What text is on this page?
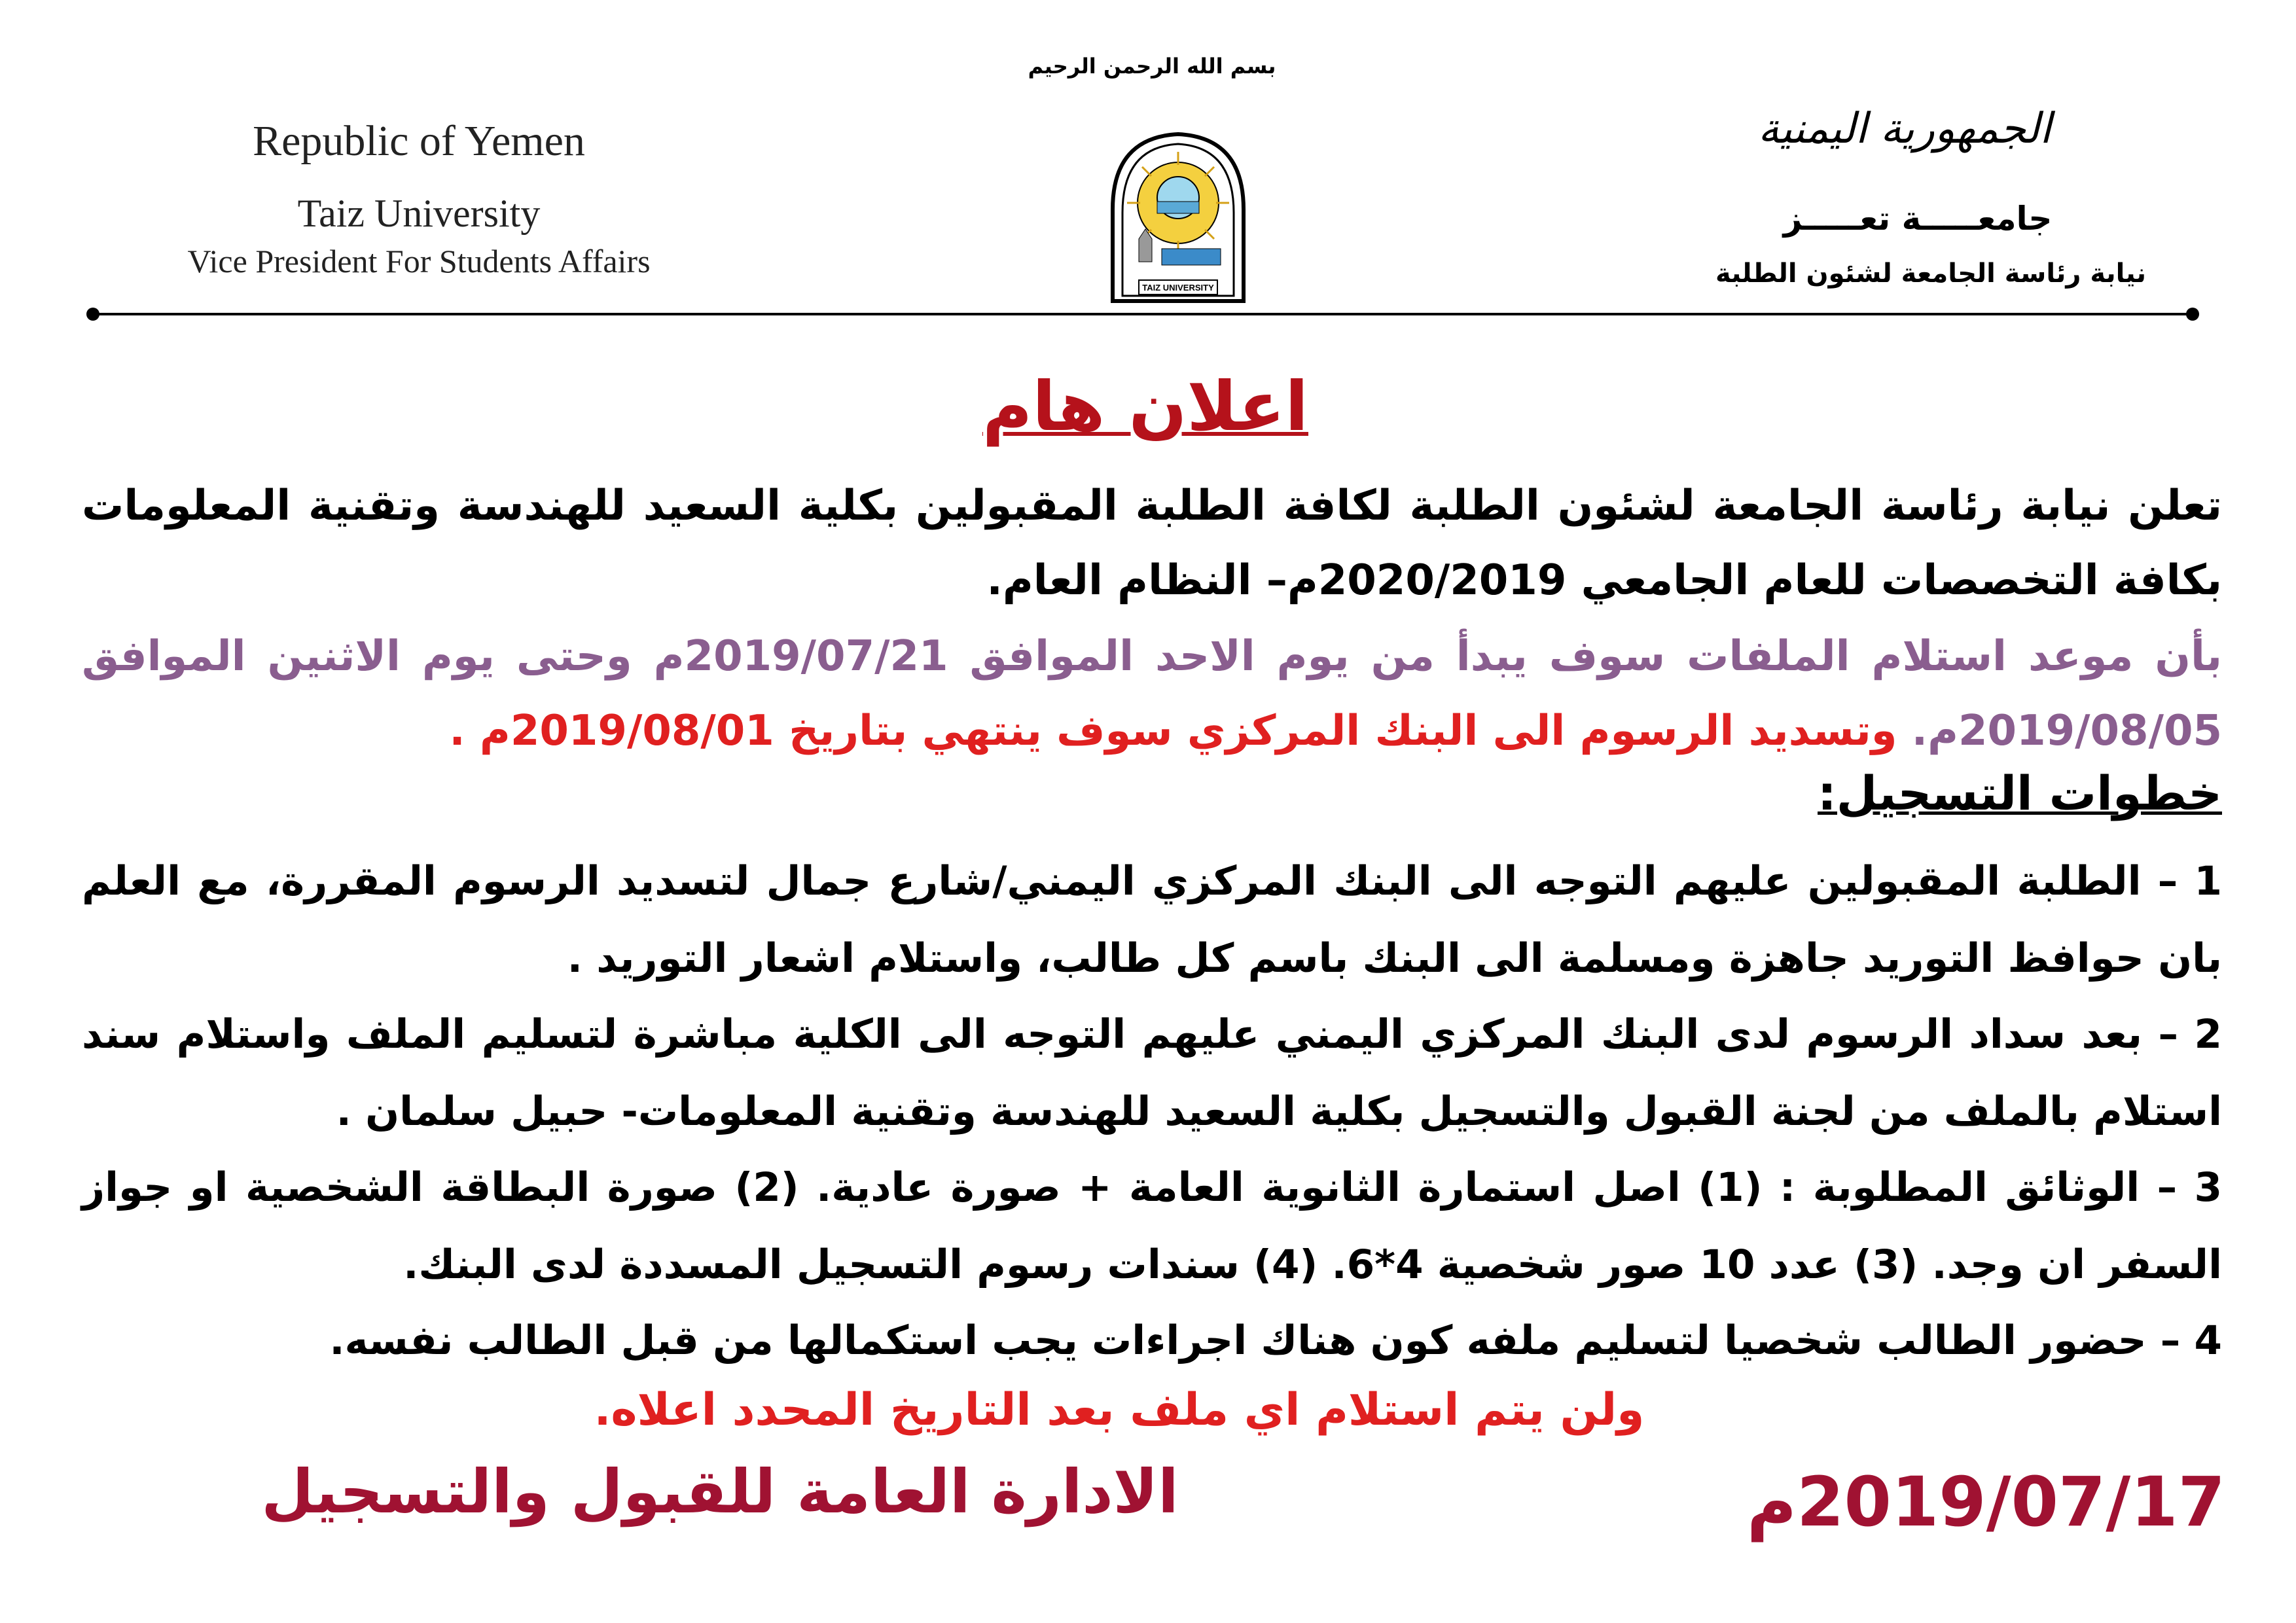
بسم الله الرحمن الرحيم
Republic of Yemen
Taiz University
Vice President For Students Affairs
الجمهورية اليمنية
جامعـــــة تعـــــز
نيابة رئاسة الجامعة لشئون الطلبة
TAIZ UNIVERSITY
اعلان هام
تعلن نيابة رئاسة الجامعة لشئون الطلبة لكافة الطلبة المقبولين بكلية السعيد للهندسة وتقنية المعلومات بكافة التخصصات للعام الجامعي 2020/2019م– النظام العام.
بأن موعد استلام الملفات سوف يبدأ من يوم الاحد الموافق 2019/07/21م وحتى يوم الاثنين الموافق 2019/08/05م. وتسديد الرسوم الى البنك المركزي سوف ينتهي بتاريخ 2019/08/01م .
خطوات التسجيل:
1 – الطلبة المقبولين عليهم التوجه الى البنك المركزي اليمني/شارع جمال لتسديد الرسوم المقررة، مع العلم بان حوافظ التوريد جاهزة ومسلمة الى البنك باسم كل طالب، واستلام اشعار التوريد .
2 – بعد سداد الرسوم لدى البنك المركزي اليمني عليهم التوجه الى الكلية مباشرة لتسليم الملف واستلام سند استلام بالملف من لجنة القبول والتسجيل بكلية السعيد للهندسة وتقنية المعلومات- حبيل سلمان .
3 – الوثائق المطلوبة : (1) اصل استمارة الثانوية العامة + صورة عادية. (2) صورة البطاقة الشخصية او جواز السفر ان وجد. (3) عدد 10 صور شخصية 4*6. (4) سندات رسوم التسجيل المسددة لدى البنك.
4 – حضور الطالب شخصيا لتسليم ملفه كون هناك اجراءات يجب استكمالها من قبل الطالب نفسه.
ولن يتم استلام اي ملف بعد التاريخ المحدد اعلاه.
الادارة العامة للقبول والتسجيل	2019/07/17م
